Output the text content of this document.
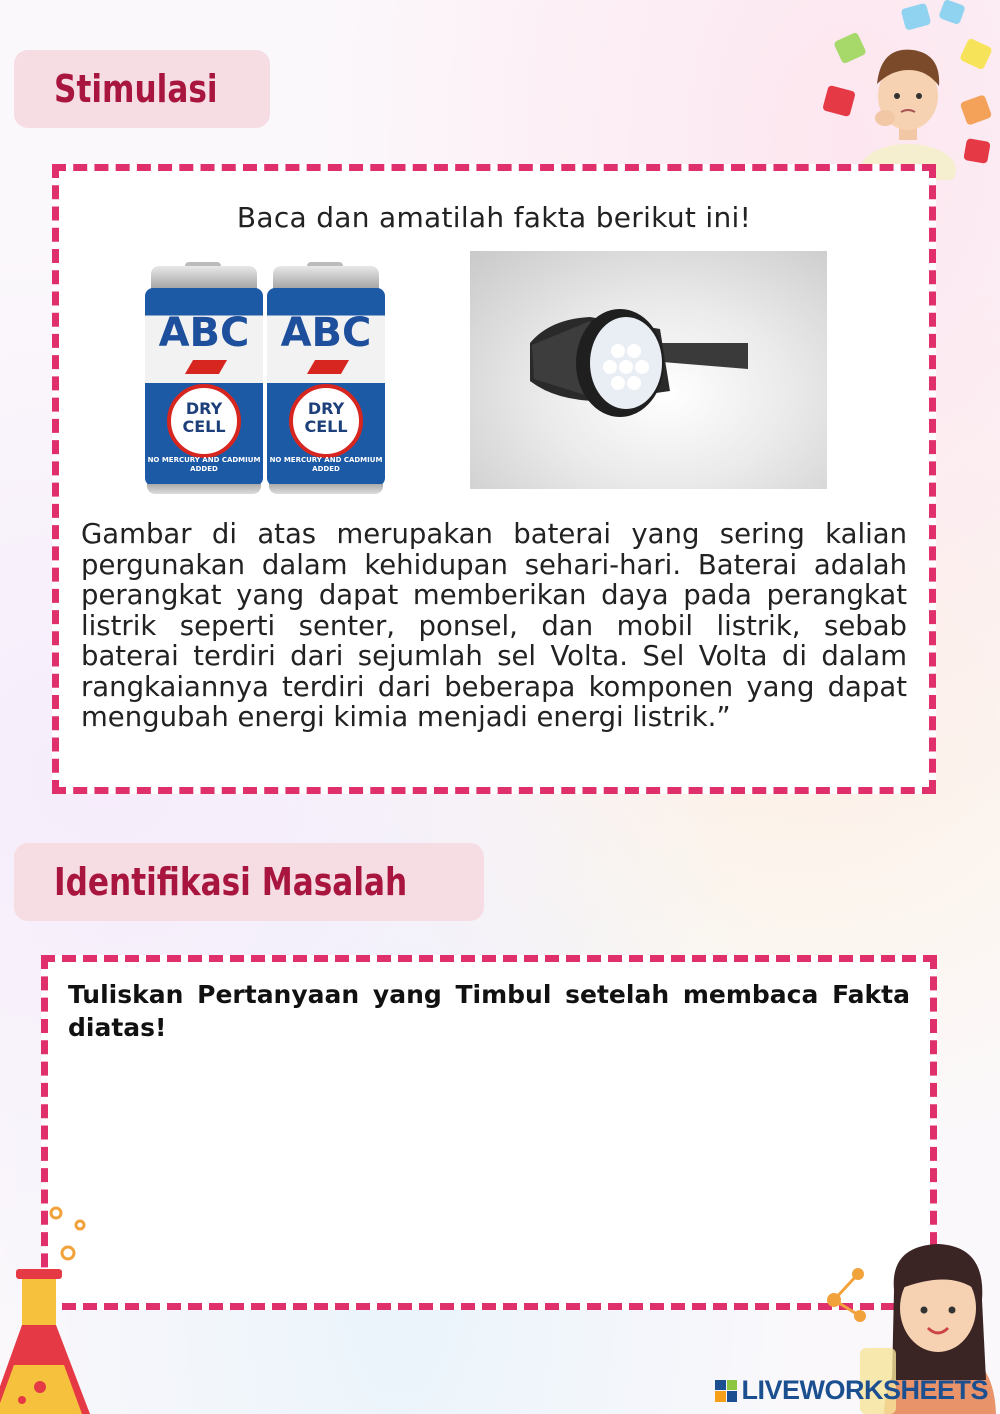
Stimulasi
Baca dan amatilah fakta berikut ini!
ABC
DRY
CELL
NO MERCURY AND CADMIUM ADDED
ABC
DRY
CELL
NO MERCURY AND CADMIUM ADDED
Gambar di atas merupakan baterai yang sering kalian pergunakan dalam kehidupan sehari-hari. Baterai adalah perangkat yang dapat memberikan daya pada perangkat listrik seperti senter, ponsel, dan mobil listrik, sebab baterai terdiri dari sejumlah sel Volta. Sel Volta di dalam rangkaiannya terdiri dari beberapa komponen yang dapat mengubah energi kimia menjadi energi listrik.”
Identifikasi Masalah
Tuliskan Pertanyaan yang Timbul setelah membaca Fakta diatas!
LIVEWORKSHEETS
